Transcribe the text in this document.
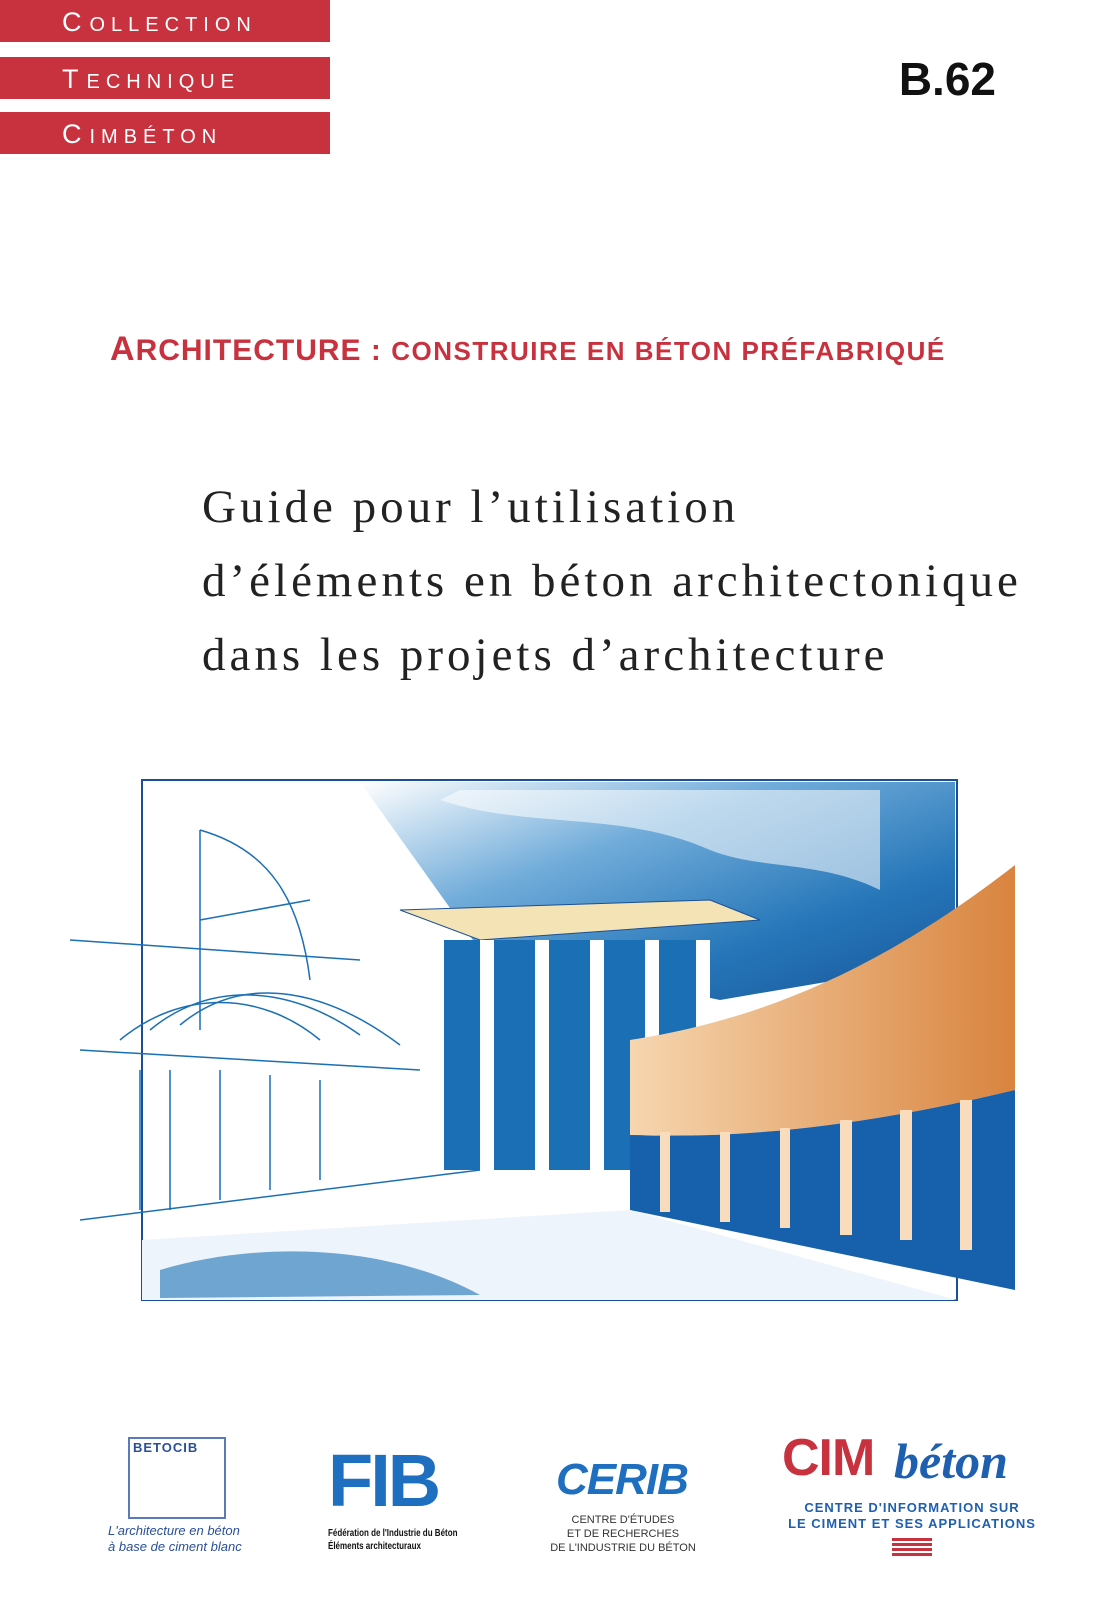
COLLECTION
TECHNIQUE
CIMBÉTON
B.62
ARCHITECTURE : CONSTRUIRE EN BÉTON PRÉFABRIQUÉ
Guide pour l’utilisation
d’éléments en béton architectonique
dans les projets d’architecture
BETOCIB
L'architecture en béton
à base de ciment blanc
FIB
Fédération de l'Industrie du Béton
Éléments architecturaux
CERIB
CENTRE D'ÉTUDES
ET DE RECHERCHES
DE L'INDUSTRIE DU BÉTON
CIM béton
CENTRE D'INFORMATION SUR
LE CIMENT ET SES APPLICATIONS
